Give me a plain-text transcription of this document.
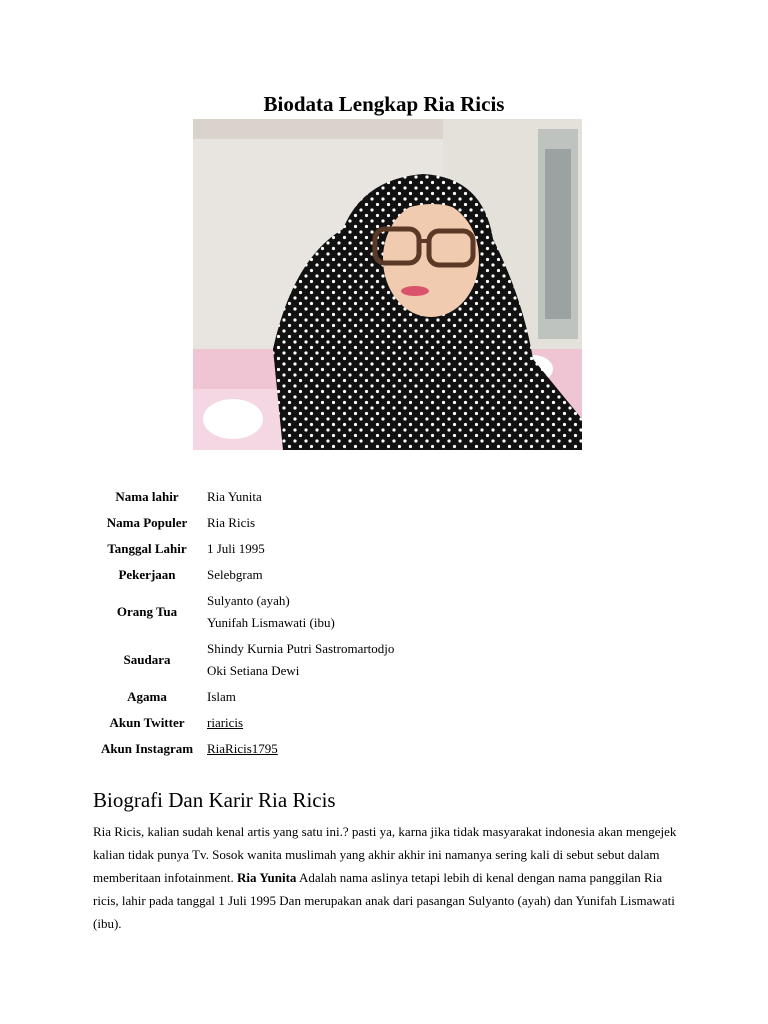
Biodata Lengkap Ria Ricis
Nama lahir	Ria Yunita

Nama Populer	Ria Ricis

Tanggal Lahir	1 Juli 1995

Pekerjaan	Selebgram

Orang Tua	Sulyanto (ayah)
Yunifah Lismawati (ibu)

Saudara	Shindy Kurnia Putri Sastromartodjo
Oki Setiana Dewi

Agama	Islam

Akun Twitter	riaricis

Akun Instagram	RiaRicis1795
Biografi Dan Karir Ria Ricis

Ria Ricis, kalian sudah kenal artis yang satu ini.? pasti ya, karna jika tidak masyarakat indonesia akan mengejek kalian tidak punya Tv. Sosok wanita muslimah yang akhir akhir ini namanya sering kali di sebut sebut dalam memberitaan infotainment. Ria Yunita Adalah nama aslinya tetapi lebih di kenal dengan nama panggilan Ria ricis, lahir pada tanggal 1 Juli 1995 Dan merupakan anak dari pasangan Sulyanto (ayah) dan Yunifah Lismawati (ibu).
